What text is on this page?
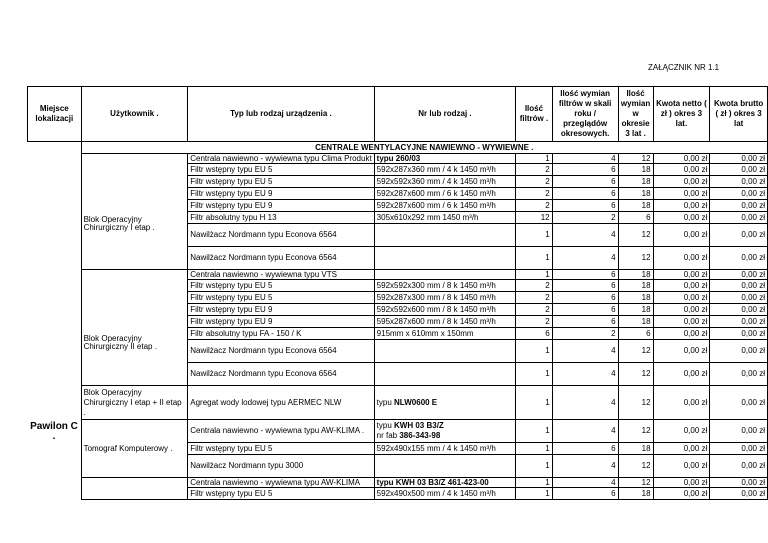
ZAŁĄCZNIK NR 1.1
Miejsce lokalizacji	Użytkownik .	Typ lub rodzaj urządzenia .	Nr lub rodzaj .	Ilość filtrów .	Ilość wymian filtrów w skali roku / przeglądów okresowych.	Ilość wymian w okresie 3 lat .	Kwota netto ( zł ) okres 3 lat.	Kwota brutto ( zł ) okres 3 lat

Pawilon C
.	CENTRALE WENTYLACYJNE NAWIEWNO - WYWIEWNE .							

	Blok Operacyjny Chirurgiczny I etap .	Centrala nawiewno - wywiewna typu Clima Produkt	typu 260/03	1	4	12	0,00 zł	0,00 zł
		Filtr wstępny typu EU 5	592x287x360 mm / 4 k 1450 m³/h	2	6	18	0,00 zł	0,00 zł
		Filtr wstępny typu EU 5	592x592x360 mm / 4 k 1450 m³/h	2	6	18	0,00 zł	0,00 zł
		Filtr wstępny typu EU 9	592x287x600 mm / 6 k 1450 m³/h	2	6	18	0,00 zł	0,00 zł
		Filtr wstępny typu EU 9	592x287x600 mm / 6 k 1450 m³/h	2	6	18	0,00 zł	0,00 zł
		Filtr absolutny typu H 13	305x610x292 mm 1450 m³/h	12	2	6	0,00 zł	0,00 zł
		Nawilżacz Nordmann typu Econova 6564		1	4	12	0,00 zł	0,00 zł
		Nawilżacz Nordmann typu Econova 6564		1	4	12	0,00 zł	0,00 zł

	Blok Operacyjny Chirurgiczny II etap .	Centrala nawiewno - wywiewna typu VTS		1	6	18	0,00 zł	0,00 zł
		Filtr wstępny typu EU 5	592x592x300 mm / 8 k 1450 m³/h	2	6	18	0,00 zł	0,00 zł
		Filtr wstępny typu EU 5	592x287x300 mm / 8 k 1450 m³/h	2	6	18	0,00 zł	0,00 zł
		Filtr wstępny typu EU 9	592x592x600 mm / 8 k 1450 m³/h	2	6	18	0,00 zł	0,00 zł
		Filtr wstępny typu EU 9	595x287x600 mm / 8 k 1450 m³/h	2	6	18	0,00 zł	0,00 zł
		Filtr absolutny typu FA - 150 / K	915mm x 610mm x 150mm	6	2	6	0,00 zł	0,00 zł
		Nawilżacz Nordmann typu Econova 6564		1	4	12	0,00 zł	0,00 zł
		Nawilżacz Nordmann typu Econova 6564		1	4	12	0,00 zł	0,00 zł
	Blok Operacyjny Chirurgiczny I etap + II etap .	Agregat wody lodowej typu AERMEC NLW	typu NLW0600 E	1	4	12	0,00 zł	0,00 zł
	Tomograf Komputerowy .	Centrala nawiewno - wywiewna typu AW-KLIMA .	typu KWH 03 B3/Z
nr fab 386-343-98	1	4	12	0,00 zł	0,00 zł
		Filtr wstępny typu EU 5	592x490x155 mm / 4 k 1450 m³/h	1	6	18	0,00 zł	0,00 zł
		Nawilżacz Nordmann typu 3000		1	4	12	0,00 zł	0,00 zł
		Centrala nawiewno - wywiewna typu AW-KLIMA	typu KWH 03 B3/Z 461-423-00	1	4	12	0,00 zł	0,00 zł
		Filtr wstępny typu EU 5	592x490x500 mm / 4 k 1450 m³/h	1	6	18	0,00 zł	0,00 zł
